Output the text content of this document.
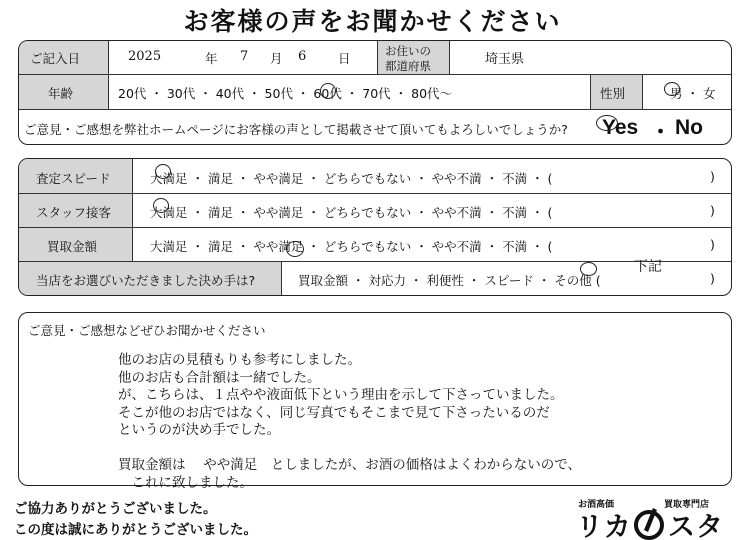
お客様の声をお聞かせください
ご記入日	2025	年 7 月 6	日	お住いの
都道府県	埼玉県
年齢	20代 ・ 30代 ・ 40代 ・ 50代 ・ 60代 ・ 70代 ・ 80代〜	性別	男 ・ 女
ご意見・ご感想を弊社ホームページにお客様の声として掲載させて頂いてもよろしいでしょうか? Yes ・ No
査定スピード	大満足 ・ 満足 ・ やや満足 ・ どちらでもない ・ やや不満 ・ 不満 ・ (	)
スタッフ接客	大満足 ・ 満足 ・ やや満足 ・ どちらでもない ・ やや不満 ・ 不満 ・ (	)
買取金額	大満足 ・ 満足 ・ やや満足 ・ どちらでもない ・ やや不満 ・ 不満 ・ (	)
当店をお選びいただきました決め手は?	買取金額 ・ 対応力 ・ 利便性 ・ スピード ・ その他 (	)
下記
ご意見・ご感想などぜひお聞かせください
他のお店の見積もりも参考にしました。
他のお店も合計額は一緒でした。
が、こちらは、１点やや液面低下という理由を示して下さっていました。
そこが他のお店ではなく、同じ写真でもそこまで見て下さったいるのだ
というのが決め手でした。
買取金額は　 やや満足　としましたが、お酒の価格はよくわからないので、
　これに致しました。
ご協力ありがとうございました。
この度は誠にありがとうございました。
お酒高価	買取専門店
リカ スタ
